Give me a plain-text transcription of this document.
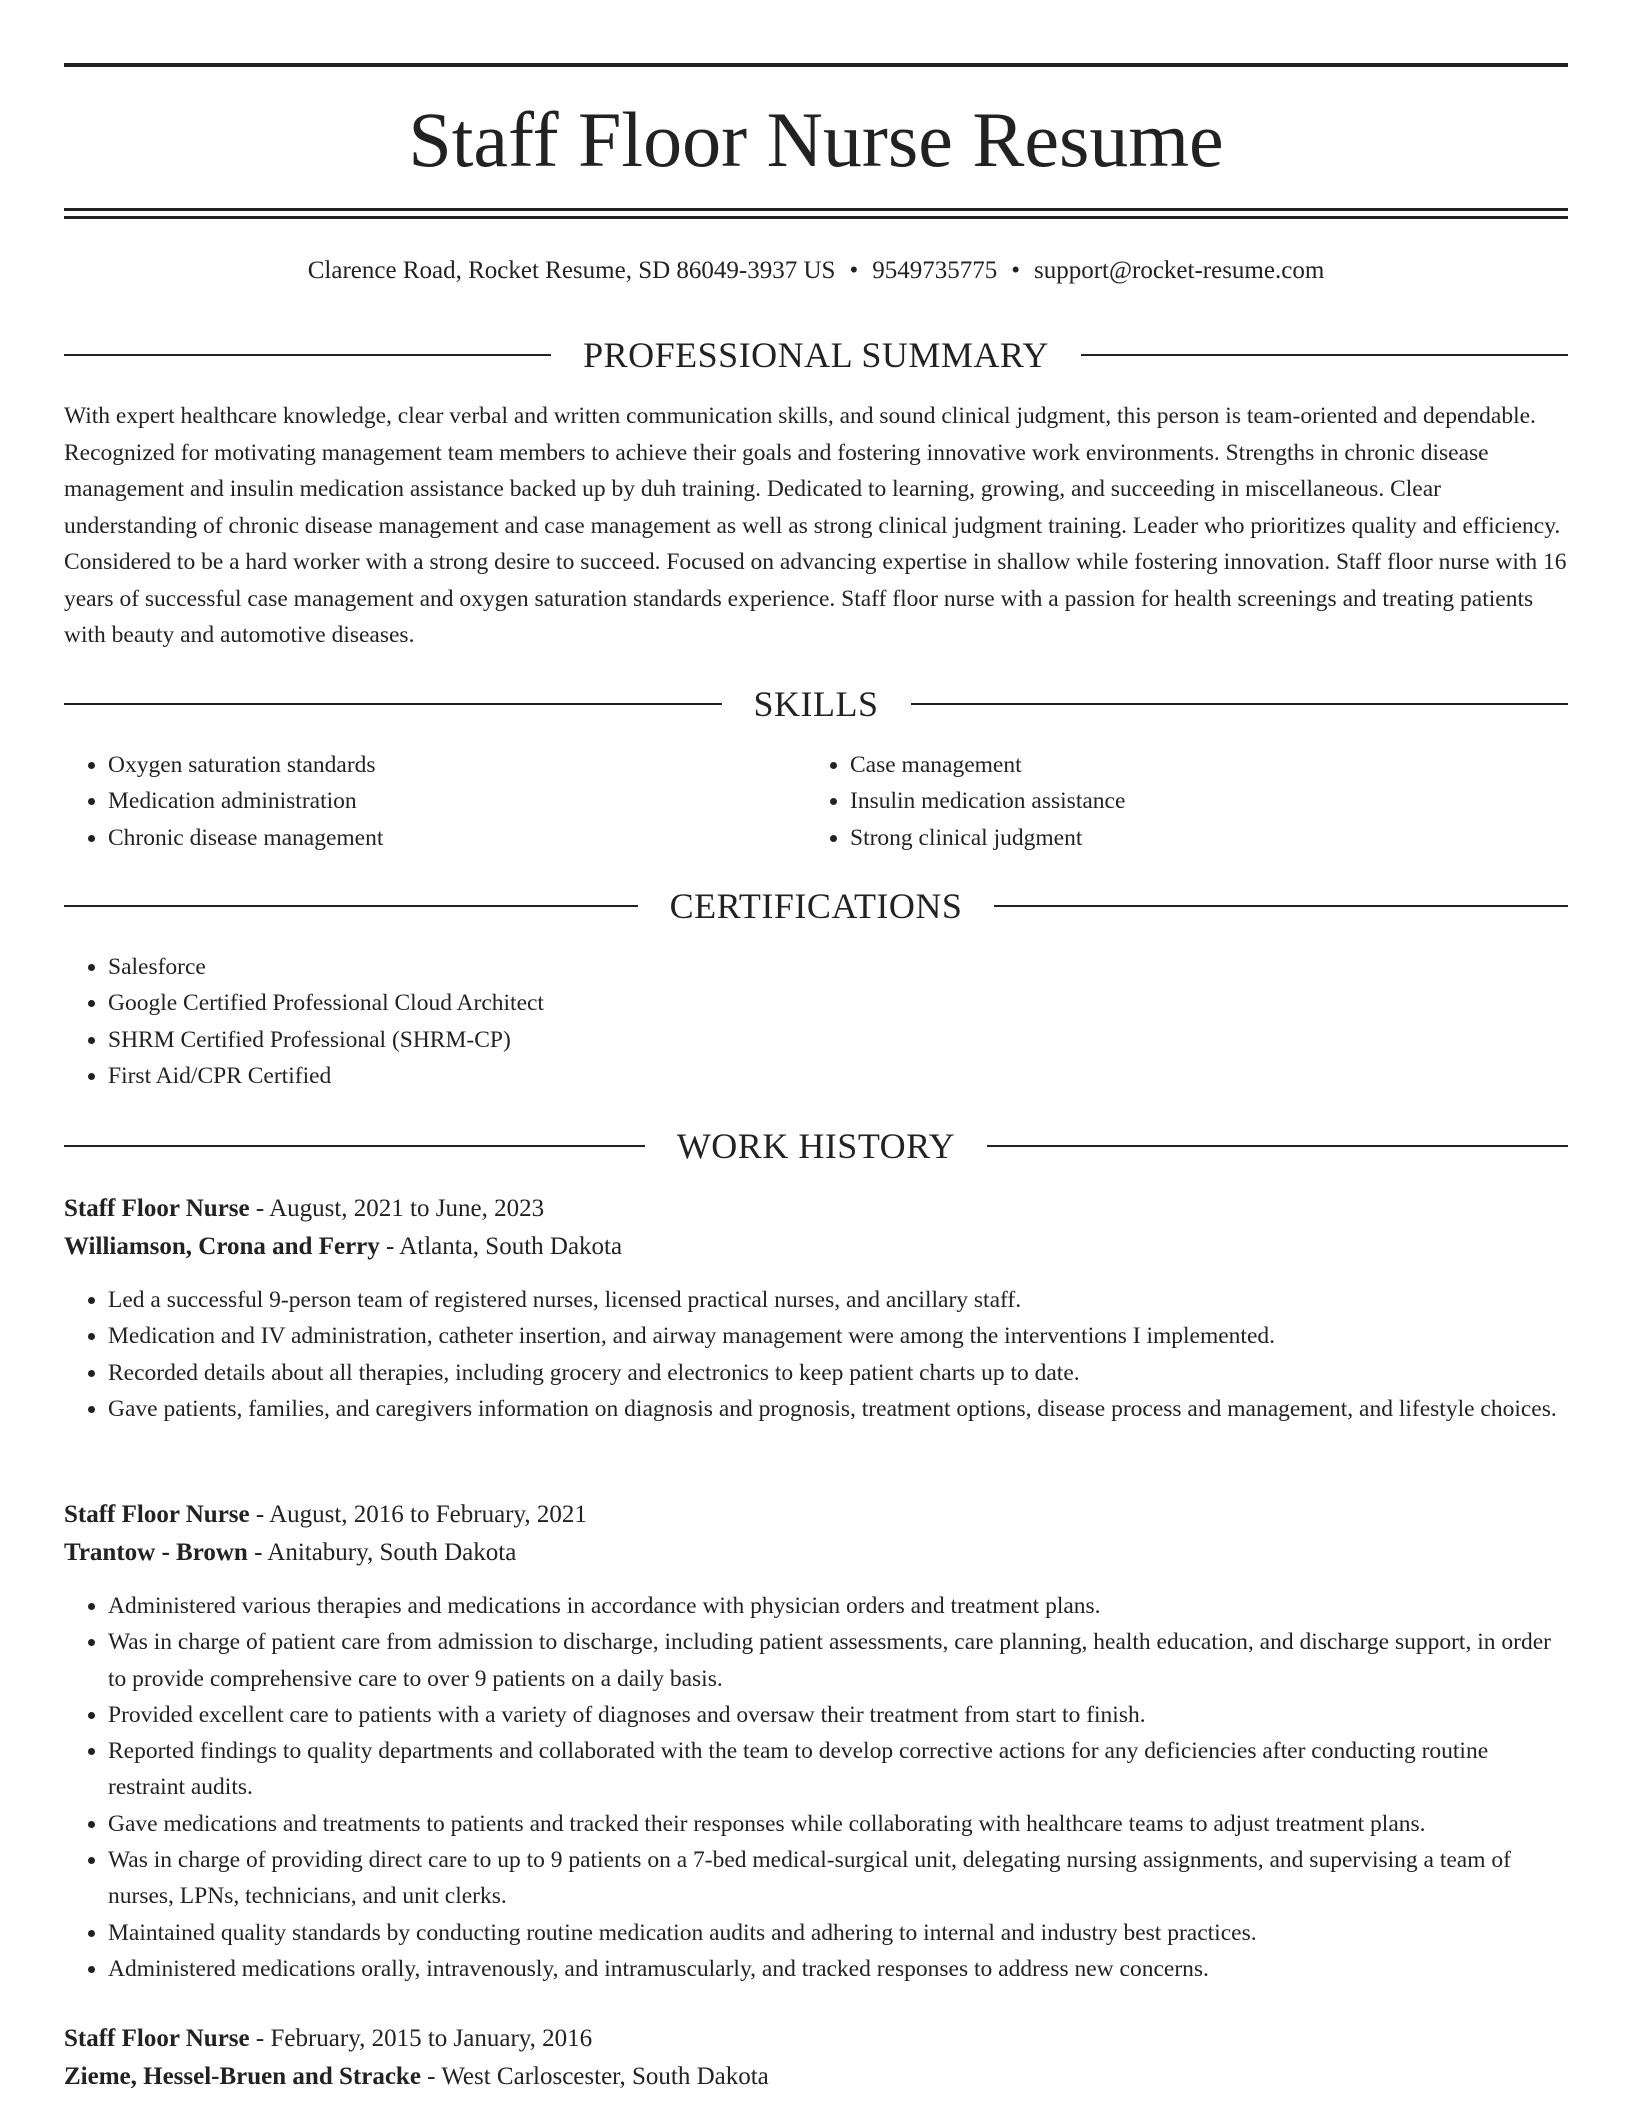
Staff Floor Nurse Resume
Clarence Road, Rocket Resume, SD 86049-3937 US • 9549735775 • support@rocket-resume.com
PROFESSIONAL SUMMARY

With expert healthcare knowledge, clear verbal and written communication skills, and sound clinical judgment, this person is team-oriented and dependable. Recognized for motivating management team members to achieve their goals and fostering innovative work environments. Strengths in chronic disease management and insulin medication assistance backed up by duh training. Dedicated to learning, growing, and succeeding in miscellaneous. Clear understanding of chronic disease management and case management as well as strong clinical judgment training. Leader who prioritizes quality and efficiency. Considered to be a hard worker with a strong desire to succeed. Focused on advancing expertise in shallow while fostering innovation. Staff floor nurse with 16 years of successful case management and oxygen saturation standards experience. Staff floor nurse with a passion for health screenings and treating patients with beauty and automotive diseases.

SKILLS
• Oxygen saturation standards
• Medication administration
• Chronic disease management
• Case management
• Insulin medication assistance
• Strong clinical judgment
CERTIFICATIONS
• Salesforce
• Google Certified Professional Cloud Architect
• SHRM Certified Professional (SHRM-CP)
• First Aid/CPR Certified
WORK HISTORY
Staff Floor Nurse - August, 2021 to June, 2023
Williamson, Crona and Ferry - Atlanta, South Dakota
• Led a successful 9-person team of registered nurses, licensed practical nurses, and ancillary staff.
• Medication and IV administration, catheter insertion, and airway management were among the interventions I implemented.
• Recorded details about all therapies, including grocery and electronics to keep patient charts up to date.
• Gave patients, families, and caregivers information on diagnosis and prognosis, treatment options, disease process and management, and lifestyle choices.
Staff Floor Nurse - August, 2016 to February, 2021
Trantow - Brown - Anitabury, South Dakota
• Administered various therapies and medications in accordance with physician orders and treatment plans.
• Was in charge of patient care from admission to discharge, including patient assessments, care planning, health education, and discharge support, in order to provide comprehensive care to over 9 patients on a daily basis.
• Provided excellent care to patients with a variety of diagnoses and oversaw their treatment from start to finish.
• Reported findings to quality departments and collaborated with the team to develop corrective actions for any deficiencies after conducting routine restraint audits.
• Gave medications and treatments to patients and tracked their responses while collaborating with healthcare teams to adjust treatment plans.
• Was in charge of providing direct care to up to 9 patients on a 7-bed medical-surgical unit, delegating nursing assignments, and supervising a team of nurses, LPNs, technicians, and unit clerks.
• Maintained quality standards by conducting routine medication audits and adhering to internal and industry best practices.
• Administered medications orally, intravenously, and intramuscularly, and tracked responses to address new concerns.
Staff Floor Nurse - February, 2015 to January, 2016
Zieme, Hessel-Bruen and Stracke - West Carloscester, South Dakota
